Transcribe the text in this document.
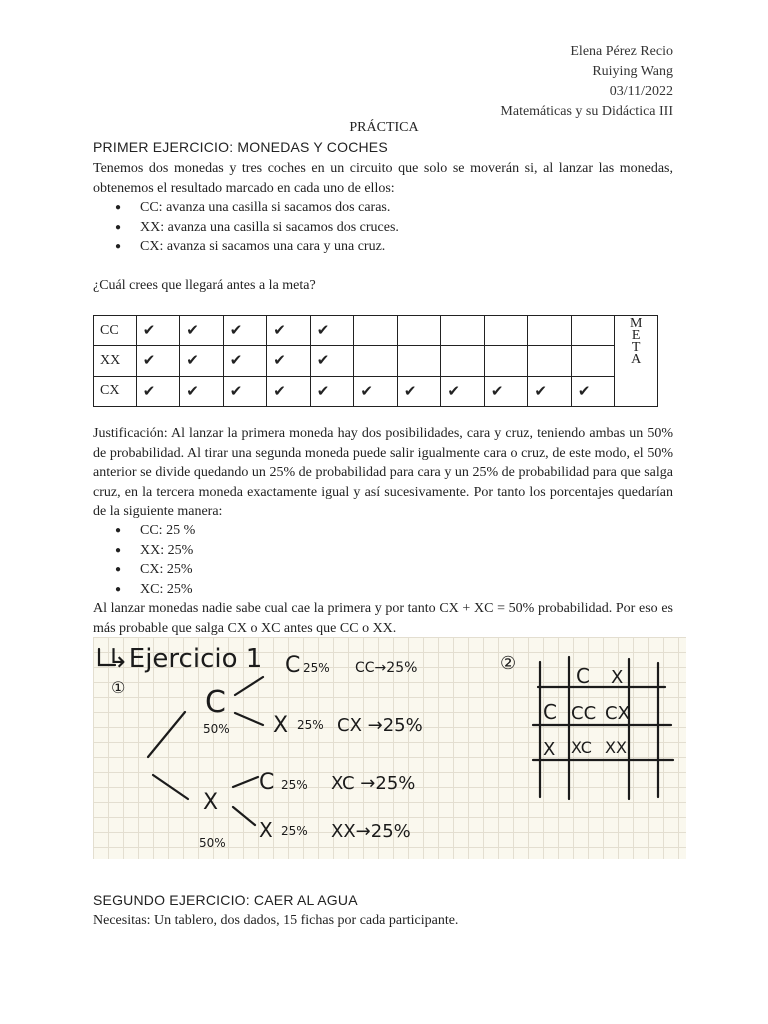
Elena Pérez Recio
Ruiying Wang
03/11/2022
Matemáticas y su Didáctica III
PRÁCTICA
PRIMER EJERCICIO: MONEDAS Y COCHES
Tenemos dos monedas y tres coches en un circuito que solo se moverán si, al lanzar las monedas, obtenemos el resultado marcado en cada uno de ellos:
● CC: avanza una casilla si sacamos dos caras.
● XX: avanza una casilla si sacamos dos cruces.
● CX: avanza si sacamos una cara y una cruz.
¿Cuál crees que llegará antes a la meta?
CC	✔	✔	✔	✔	✔							M
E
T
A

XX	✔	✔	✔	✔	✔							
CX	✔	✔	✔	✔	✔	✔	✔	✔	✔	✔	✔	
Justificación: Al lanzar la primera moneda hay dos posibilidades, cara y cruz, teniendo ambas un 50% de probabilidad. Al tirar una segunda moneda puede salir igualmente cara o cruz, de este modo, el 50% anterior se divide quedando un 25% de probabilidad para cara y un 25% de probabilidad para que salga cruz, en la tercera moneda exactamente igual y así sucesivamente. Por tanto los porcentajes quedarían de la siguiente manera:
● CC: 25 %
● XX: 25%
● CX: 25%
● XC: 25%
Al lanzar monedas nadie sabe cual cae la primera y por tanto CX + XC = 50% probabilidad. Por eso es más probable que salga CX o XC antes que CC o XX.
↳Ejercicio 1
①
②
C
X
50%
50%
C 25% CC→25%
X 25% CX →25%
C 25% XC →25%
X 25% XX→25%
C X
C
X
CC CX
XC XX
SEGUNDO EJERCICIO: CAER AL AGUA
Necesitas: Un tablero, dos dados, 15 fichas por cada participante.
